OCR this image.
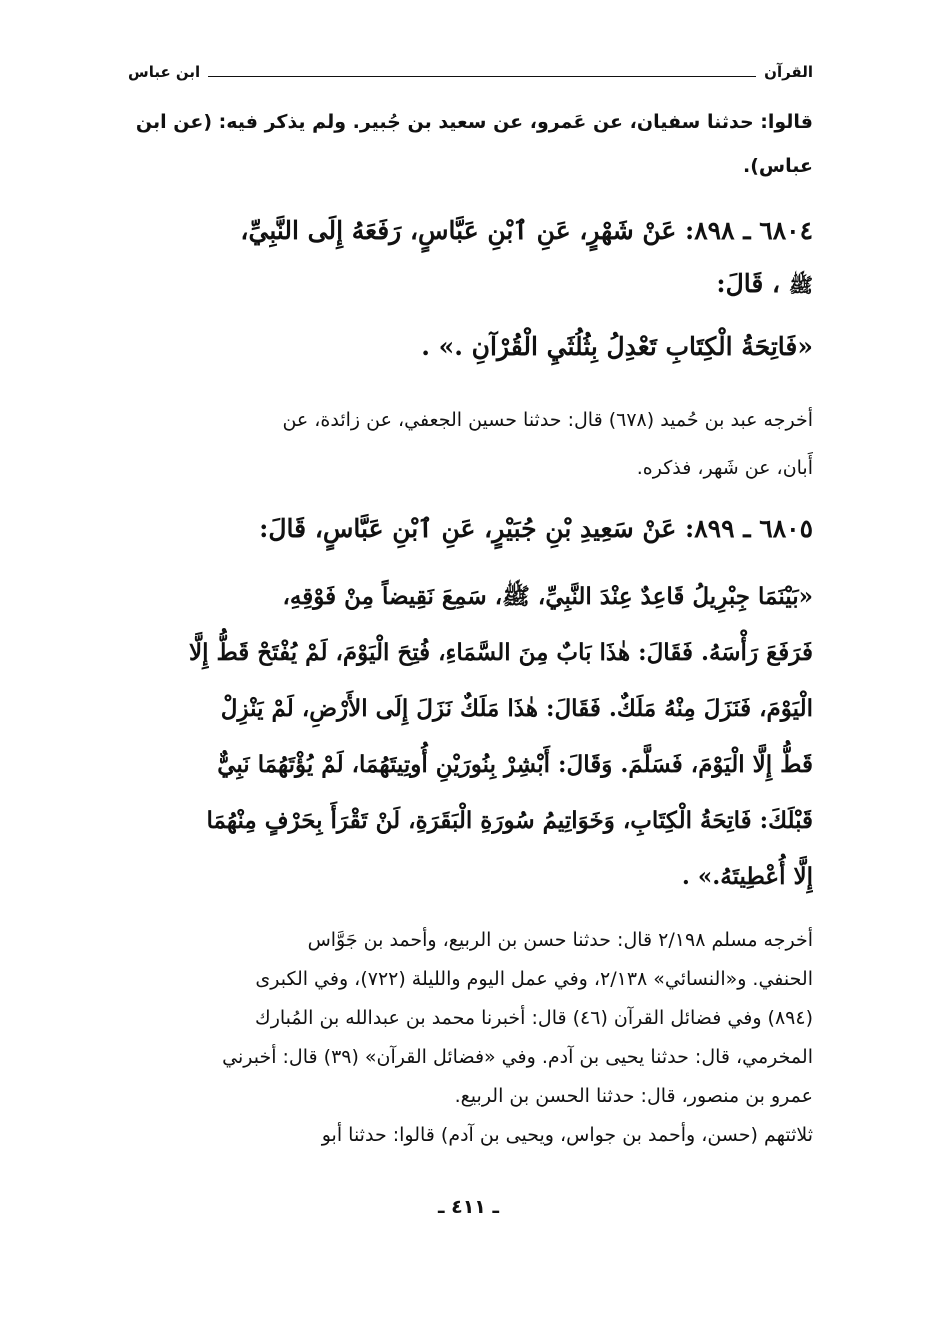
القرآن
ابن عباس
قالوا: حدثنا سفيان، عن عَمرو، عن سعيد بن جُبير. ولم يذكر فيه: (عن ابن
عباس).
٦٨٠٤ ـ ٨٩٨: عَنْ شَهْرٍ، عَنِ ٱبْنِ عَبَّاسٍ، رَفَعَهُ إِلَى النَّبِيِّ،
ﷺ ، قَالَ:
«فَاتِحَةُ الْكِتَابِ تَعْدِلُ بِثُلُثَيِ الْقُرْآنِ .» .
أخرجه عبد بن حُميد (٦٧٨) قال: حدثنا حسين الجعفي، عن زائدة، عن
أَبان، عن شَهر، فذكره.
٦٨٠٥ ـ ٨٩٩: عَنْ سَعِيدِ بْنِ جُبَيْرٍ، عَنِ ٱبْنِ عَبَّاسٍ، قَالَ:
«بَيْنَمَا جِبْرِيلُ قَاعِدٌ عِنْدَ النَّبِيِّ، ﷺ، سَمِعَ نَقِيضاً مِنْ فَوْقِهِ،
فَرَفَعَ رَأْسَهُ. فَقَالَ: هٰذَا بَابٌ مِنَ السَّمَاءِ، فُتِحَ الْيَوْمَ، لَمْ يُفْتَحْ قَطُّ إِلَّا
الْيَوْمَ، فَنَزَلَ مِنْهُ مَلَكٌ. فَقَالَ: هٰذَا مَلَكٌ نَزَلَ إِلَى الأَرْضِ، لَمْ يَنْزِلْ
قَطُّ إِلَّا الْيَوْمَ، فَسَلَّمَ. وَقَالَ: أَبْشِرْ بِنُورَيْنِ أُوتِيتَهُمَا، لَمْ يُؤْتَهُمَا نَبِيٌّ
قَبْلَكَ: فَاتِحَةُ الْكِتَابِ، وَخَوَاتِيمُ سُورَةِ الْبَقَرَةِ، لَنْ تَقْرَأَ بِحَرْفٍ مِنْهُمَا
إِلَّا أُعْطِيتَهُ.» .
أخرجه مسلم ٢/١٩٨ قال: حدثنا حسن بن الربيع، وأحمد بن جَوَّاس
الحنفي. و«النسائي» ٢/١٣٨، وفي عمل اليوم والليلة (٧٢٢)، وفي الكبرى
(٨٩٤) وفي فضائل القرآن (٤٦) قال: أخبرنا محمد بن عبدالله بن المُبارك
المخرمي، قال: حدثنا يحيى بن آدم. وفي «فضائل القرآن» (٣٩) قال: أخبرني
عمرو بن منصور، قال: حدثنا الحسن بن الربيع.
ثلاثتهم (حسن، وأحمد بن جواس، ويحيى بن آدم) قالوا: حدثنا أبو
ـ ٤١١ ـ
